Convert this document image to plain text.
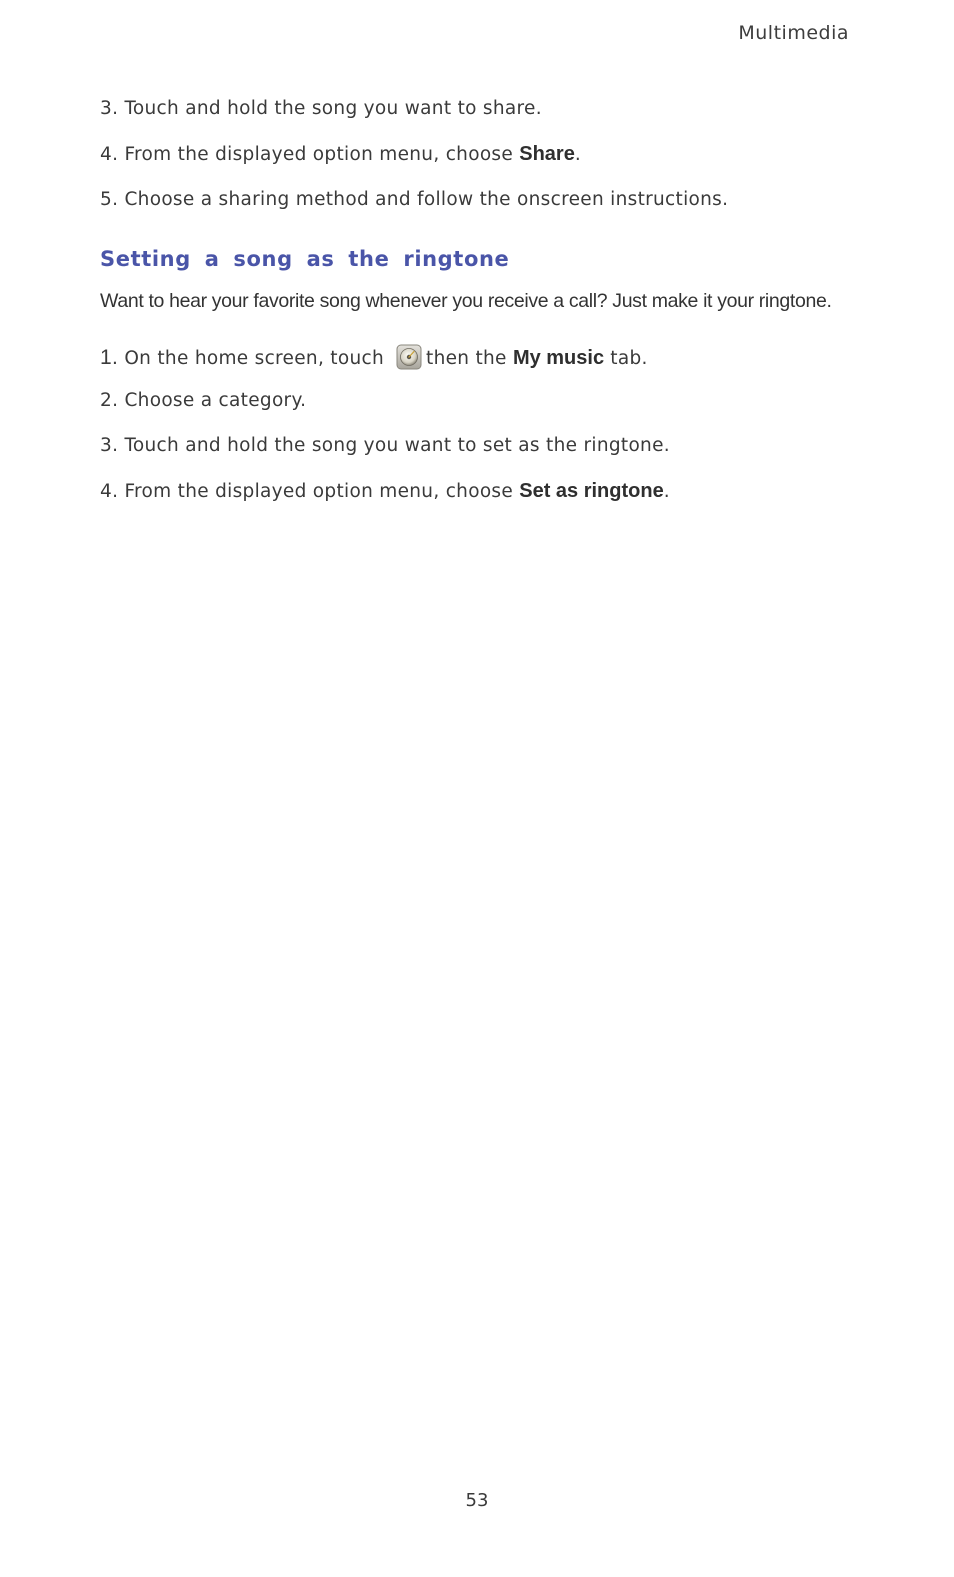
Multimedia
3. Touch and hold the song you want to share.
4. From the displayed option menu, choose Share.
5. Choose a sharing method and follow the onscreen instructions.
Setting a song as the ringtone
Want to hear your favorite song whenever you receive a call? Just make it your ringtone.
1. On the home screen, touch then the My music tab.
2. Choose a category.
3. Touch and hold the song you want to set as the ringtone.
4. From the displayed option menu, choose Set as ringtone.
53
